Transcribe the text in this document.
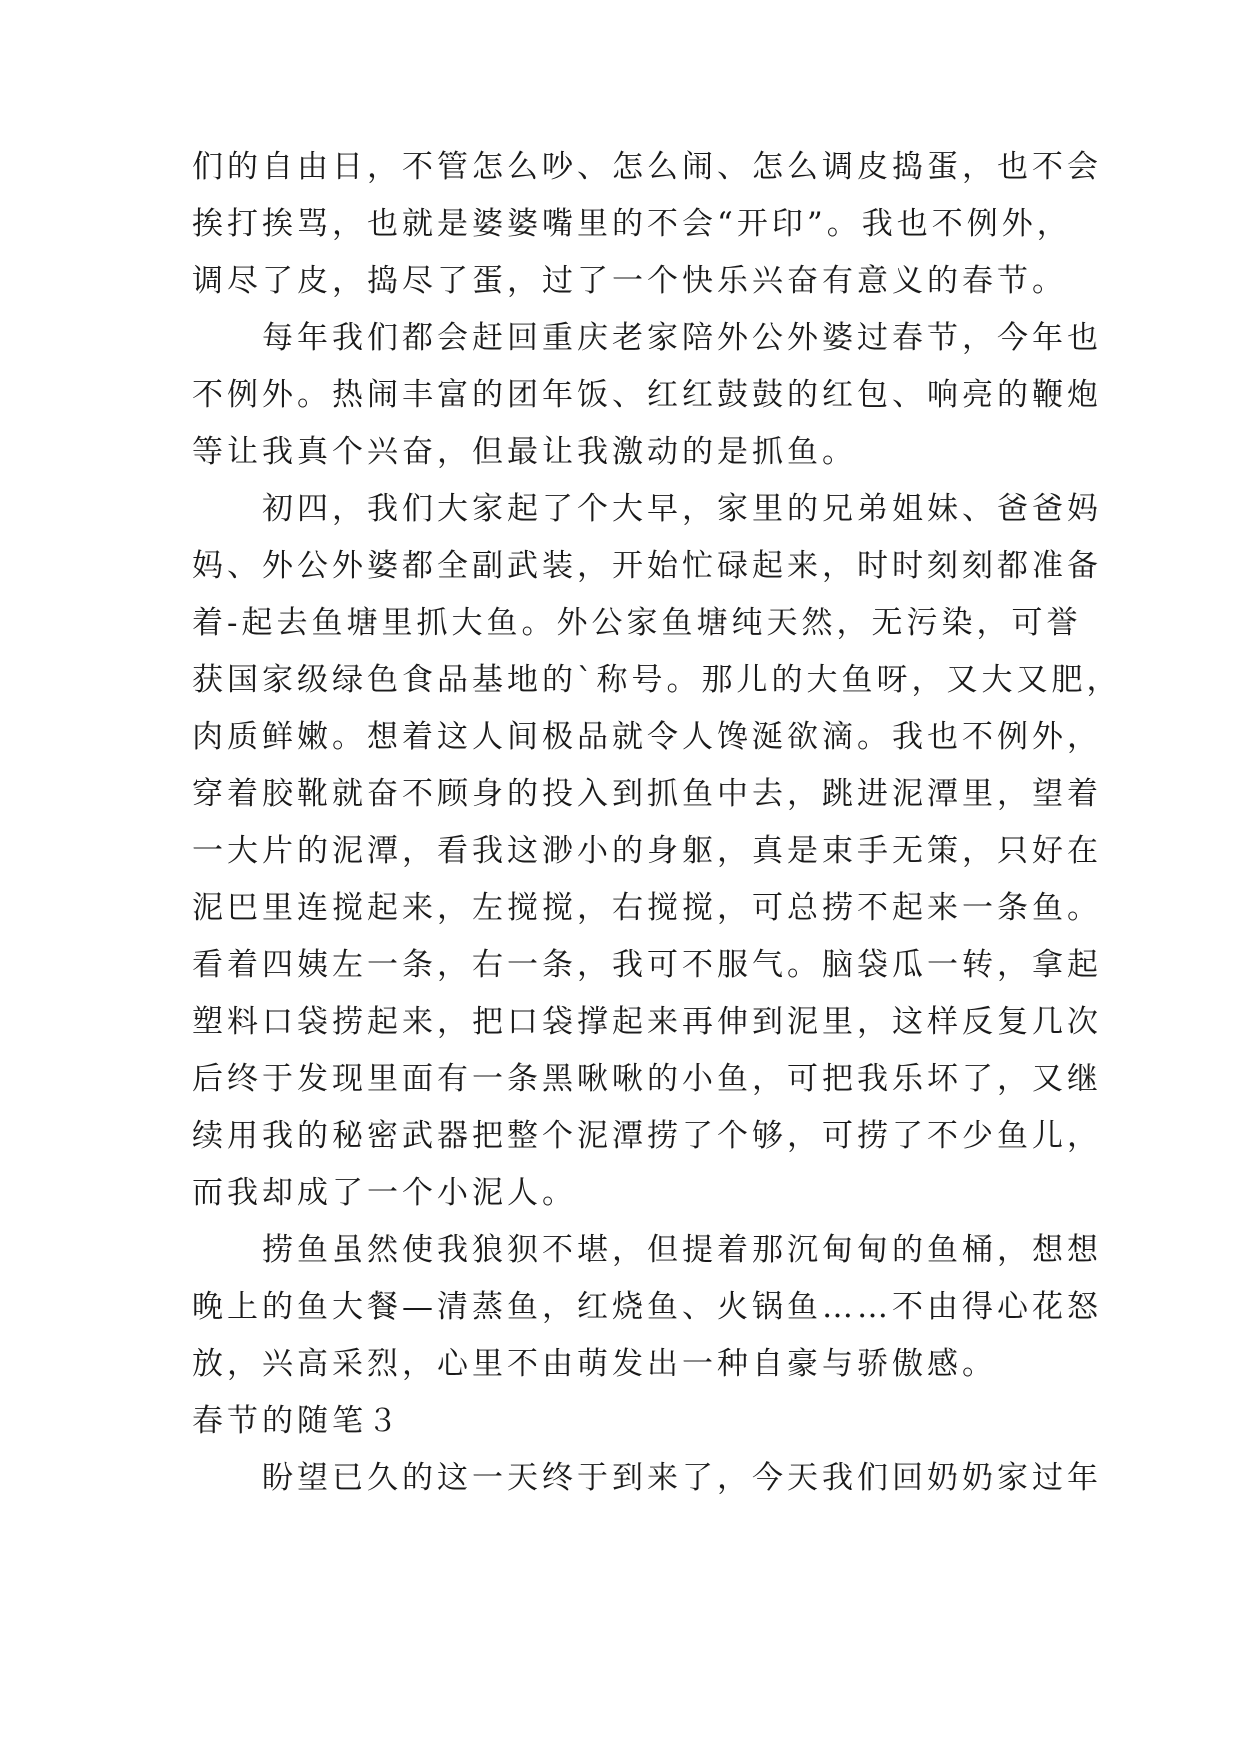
们的自由日，不管怎么吵、怎么闹、怎么调皮捣蛋，也不会
挨打挨骂，也就是婆婆嘴里的不会“开印”。我也不例外，
调尽了皮，捣尽了蛋，过了一个快乐兴奋有意义的春节。
　　每年我们都会赶回重庆老家陪外公外婆过春节，今年也
不例外。热闹丰富的团年饭、红红鼓鼓的红包、响亮的鞭炮
等让我真个兴奋，但最让我激动的是抓鱼。
　　初四，我们大家起了个大早，家里的兄弟姐妹、爸爸妈
妈、外公外婆都全副武装，开始忙碌起来，时时刻刻都准备
着-起去鱼塘里抓大鱼。外公家鱼塘纯天然，无污染，可誉
获国家级绿色食品基地的`称号。那儿的大鱼呀，又大又肥，
肉质鲜嫩。想着这人间极品就令人馋涎欲滴。我也不例外，
穿着胶靴就奋不顾身的投入到抓鱼中去，跳进泥潭里，望着
一大片的泥潭，看我这渺小的身躯，真是束手无策，只好在
泥巴里连搅起来，左搅搅，右搅搅，可总捞不起来一条鱼。
看着四姨左一条，右一条，我可不服气。脑袋瓜一转，拿起
塑料口袋捞起来，把口袋撑起来再伸到泥里，这样反复几次
后终于发现里面有一条黑啾啾的小鱼，可把我乐坏了，又继
续用我的秘密武器把整个泥潭捞了个够，可捞了不少鱼儿，
而我却成了一个小泥人。
　　捞鱼虽然使我狼狈不堪，但提着那沉甸甸的鱼桶，想想
晚上的鱼大餐—清蒸鱼，红烧鱼、火锅鱼……不由得心花怒
放，兴高采烈，心里不由萌发出一种自豪与骄傲感。
春节的随笔３
　　盼望已久的这一天终于到来了，今天我们回奶奶家过年
